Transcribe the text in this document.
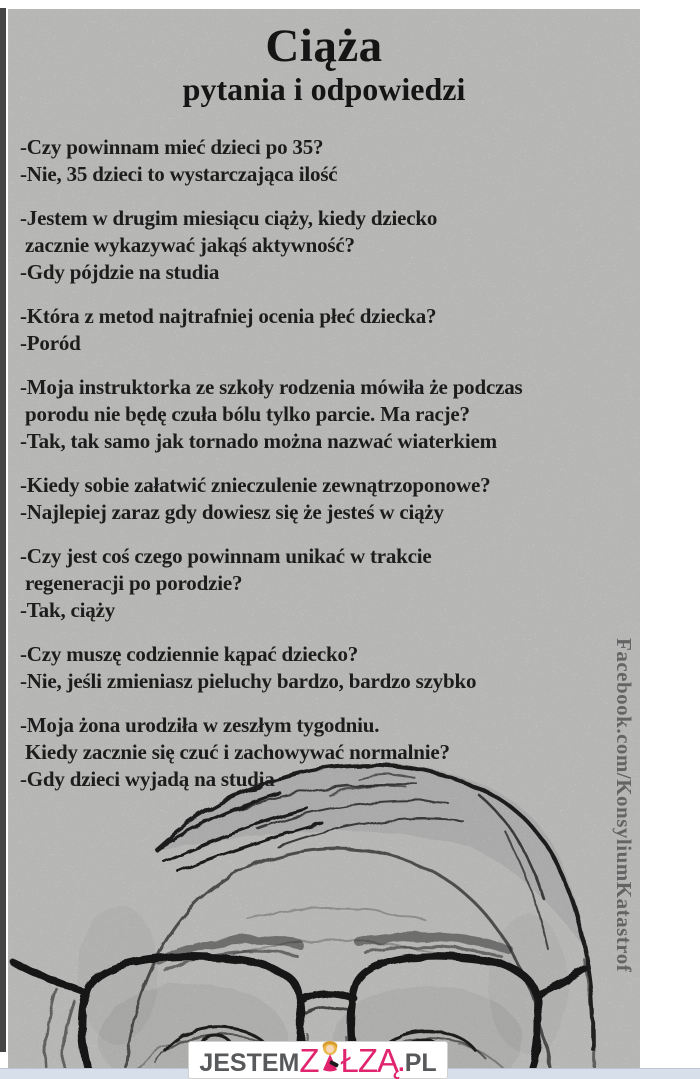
Ciąża
pytania i odpowiedzi
-Czy powinnam mieć dzieci po 35?
-Nie, 35 dzieci to wystarczająca ilość
-Jestem w drugim miesiącu ciąży, kiedy dziecko
zacznie wykazywać jakąś aktywność?
-Gdy pójdzie na studia
-Która z metod najtrafniej ocenia płeć dziecka?
-Poród
-Moja instruktorka ze szkoły rodzenia mówiła że podczas
porodu nie będę czuła bólu tylko parcie. Ma racje?
-Tak, tak samo jak tornado można nazwać wiaterkiem
-Kiedy sobie załatwić znieczulenie zewnątrzoponowe?
-Najlepiej zaraz gdy dowiesz się że jesteś w ciąży
-Czy jest coś czego powinnam unikać w trakcie
regeneracji po porodzie?
-Tak, ciąży
-Czy muszę codziennie kąpać dziecko?
-Nie, jeśli zmieniasz pieluchy bardzo, bardzo szybko
-Moja żona urodziła w zeszłym tygodniu.
Kiedy zacznie się czuć i zachowywać normalnie?
-Gdy dzieci wyjadą na studia	Facebook.com/KonsyliumKatastrof
JESTEM Z ŁZĄ . PL
